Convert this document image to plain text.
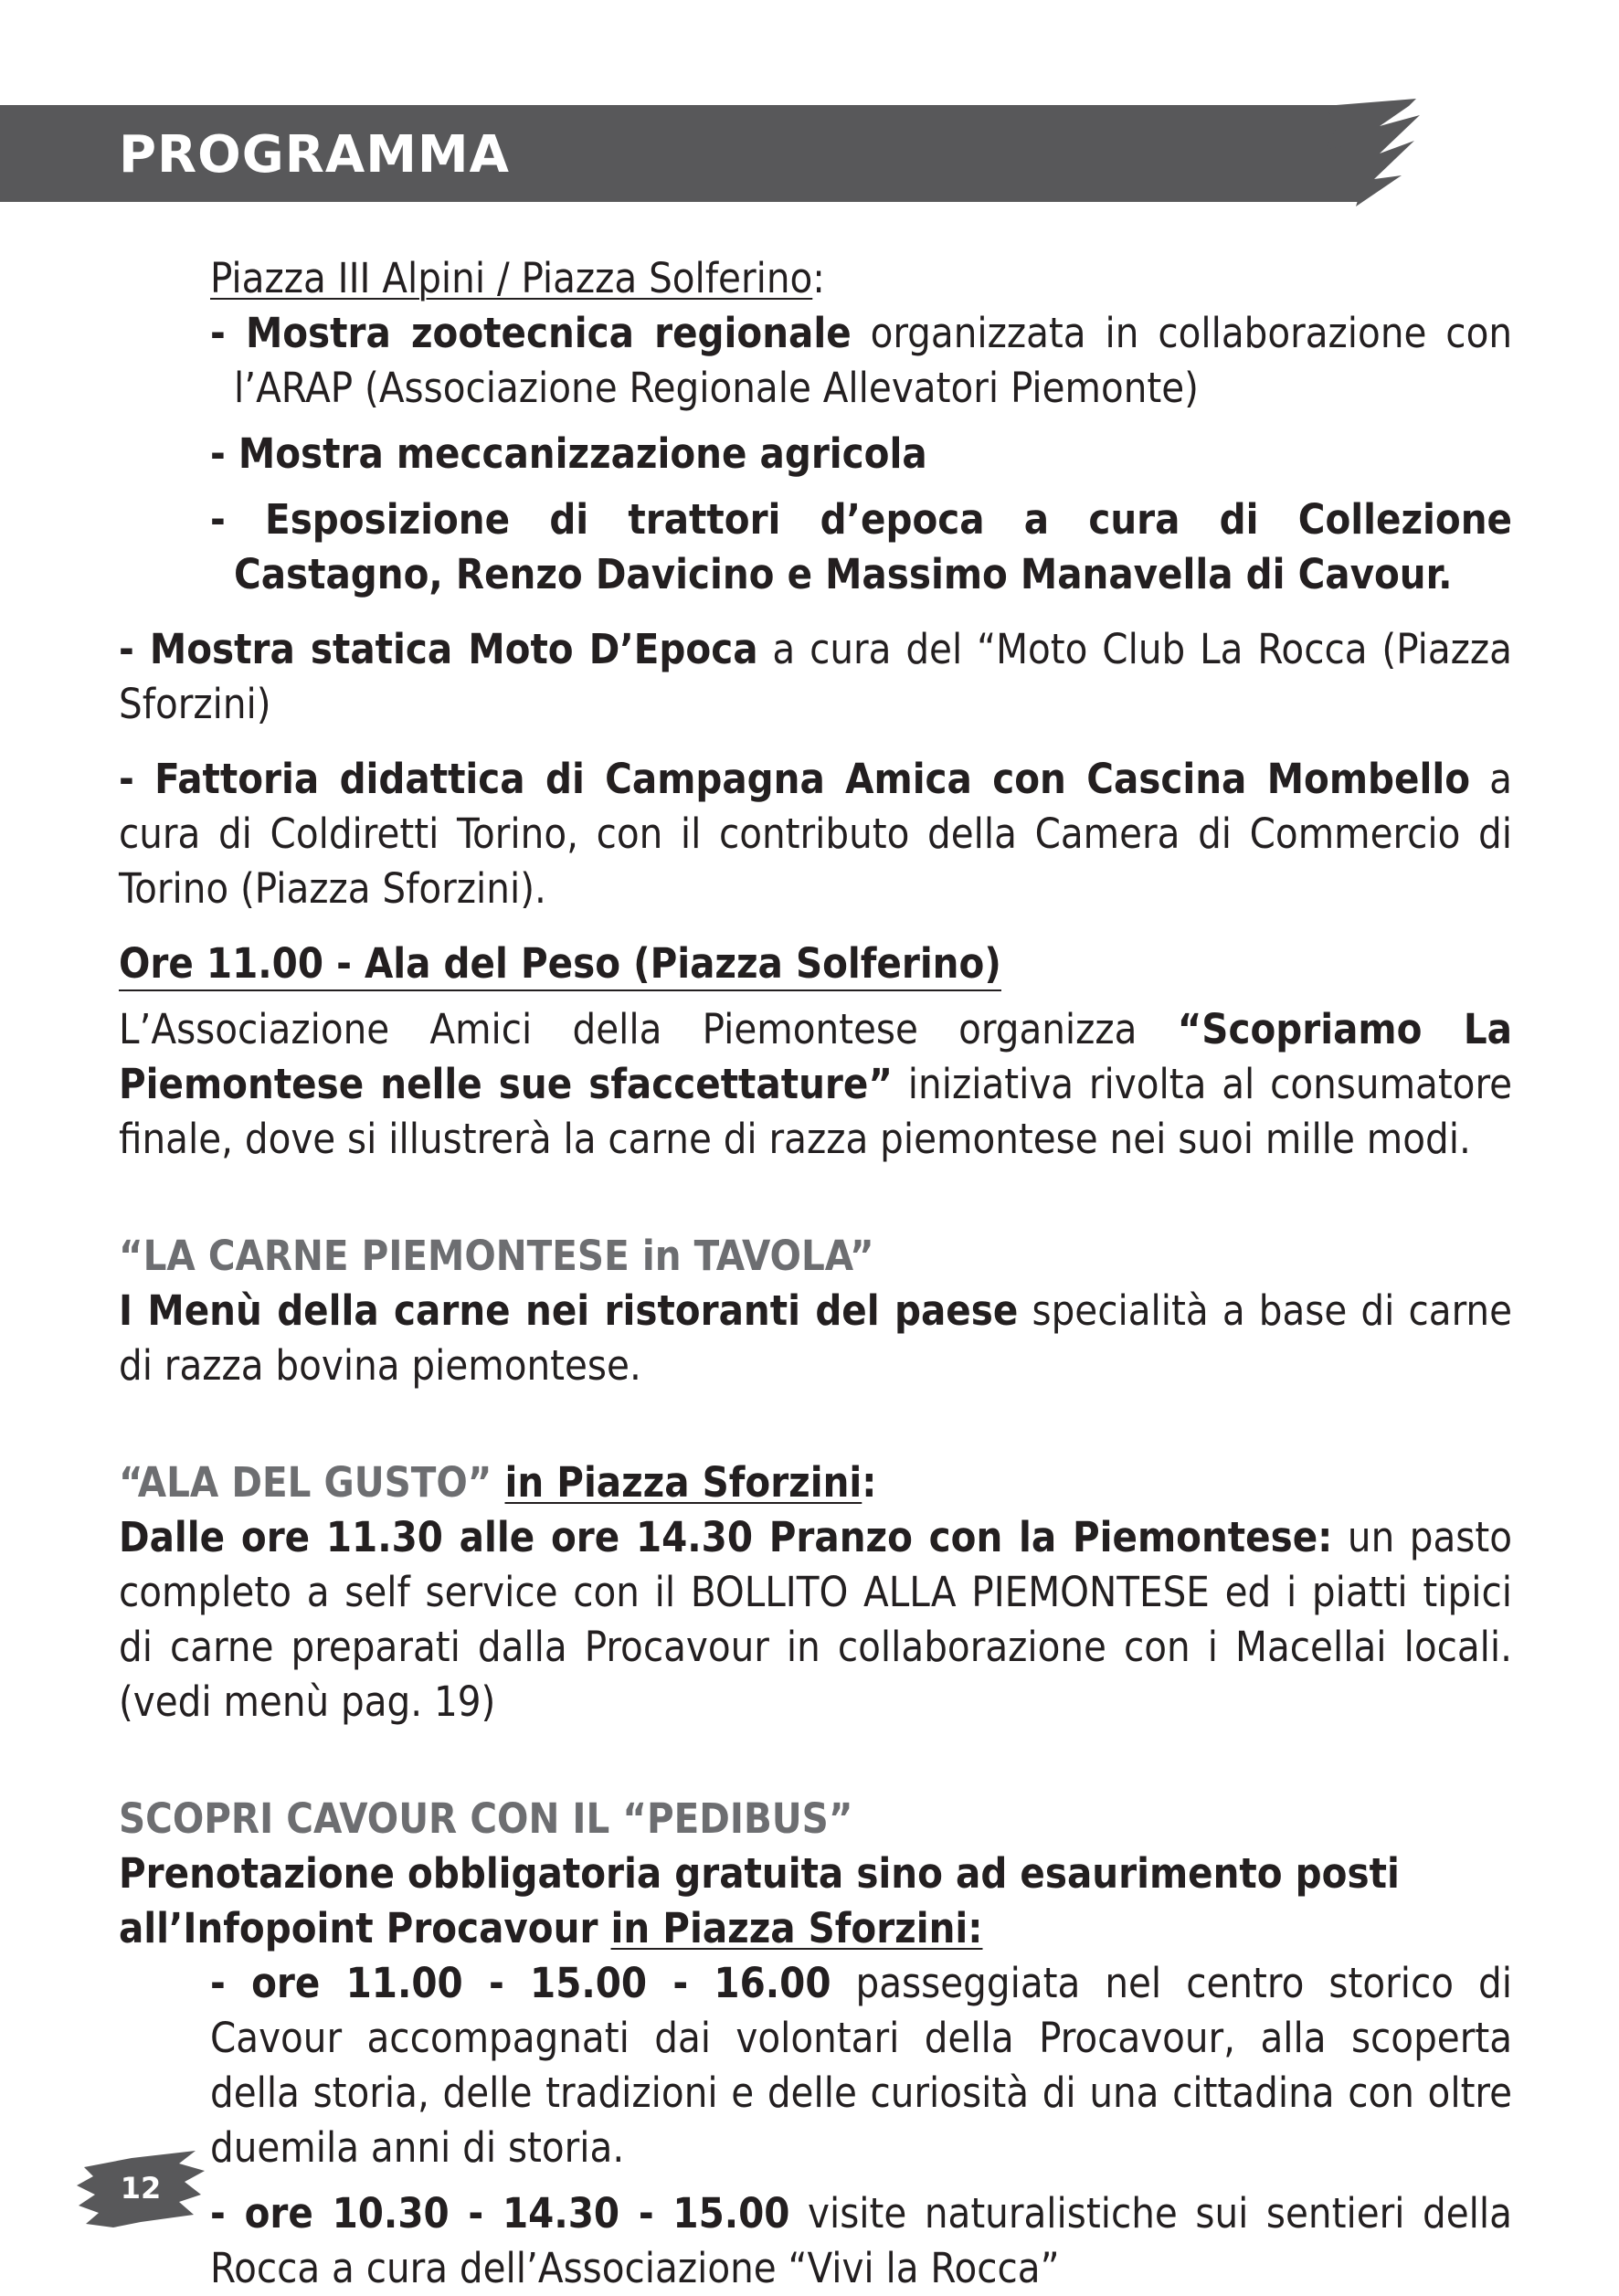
PROGRAMMA

Piazza III Alpini / Piazza Solferino:

- Mostra zootecnica regionale organizzata in collaborazione con l’ARAP (Associazione Regionale Allevatori Piemonte)

- Mostra meccanizzazione agricola

- Esposizione di trattori d’epoca a cura di Collezione Castagno, Renzo Davicino e Massimo Manavella di Cavour.

- Mostra statica Moto D’Epoca a cura del “Moto Club La Rocca (Piazza Sforzini)

- Fattoria didattica di Campagna Amica con Cascina Mombello a cura di Coldiretti Torino, con il contributo della Camera di Commercio di Torino (Piazza Sforzini).

Ore 11.00 - Ala del Peso (Piazza Solferino)

L’Associazione Amici della Piemontese organizza “Scopriamo La Piemontese nelle sue sfaccettature” iniziativa rivolta al consumatore finale, dove si illustrerà la carne di razza piemontese nei suoi mille modi.

“LA CARNE PIEMONTESE in TAVOLA”

I Menù della carne nei ristoranti del paese specialità a base di carne di razza bovina piemontese.

“ALA DEL GUSTO” in Piazza Sforzini:

Dalle ore 11.30 alle ore 14.30 Pranzo con la Piemontese: un pasto completo a self service con il BOLLITO ALLA PIEMONTESE ed i piatti tipici di carne preparati dalla Procavour in collaborazione con i Macellai locali. (vedi menù pag. 19)

SCOPRI CAVOUR CON IL “PEDIBUS”

Prenotazione obbligatoria gratuita sino ad esaurimento posti all’Infopoint Procavour in Piazza Sforzini:

- ore 11.00 - 15.00 - 16.00 passeggiata nel centro storico di Cavour accompagnati dai volontari della Procavour, alla scoperta della storia, delle tradizioni e delle curiosità di una cittadina con oltre duemila anni di storia.

- ore 10.30 - 14.30 - 15.00 visite naturalistiche sui sentieri della Rocca a cura dell’Associazione “Vivi la Rocca”

12
